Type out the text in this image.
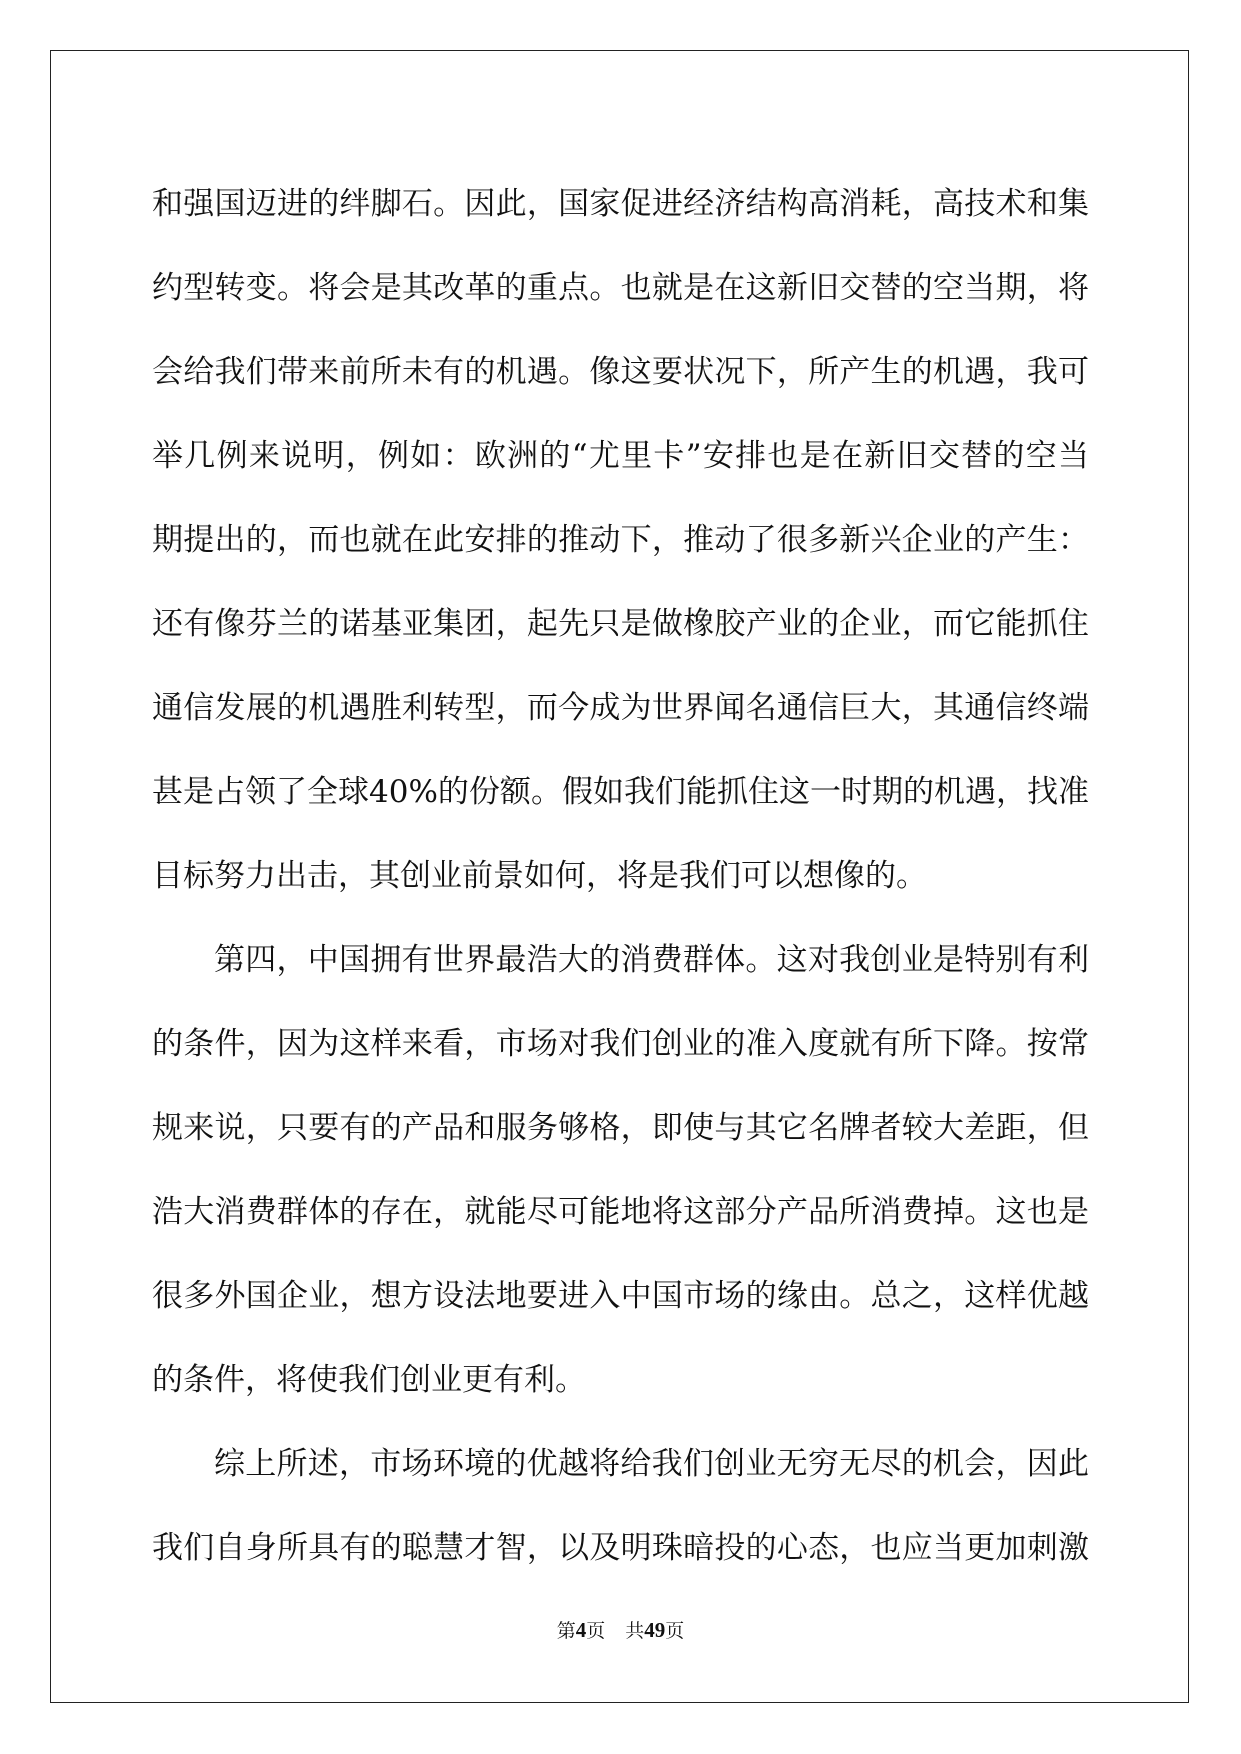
和强国迈进的绊脚石。因此，国家促进经济结构高消耗，高技术和集
约型转变。将会是其改革的重点。也就是在这新旧交替的空当期，将
会给我们带来前所未有的机遇。像这要状况下，所产生的机遇，我可
举几例来说明，例如：欧洲的“尤里卡”安排也是在新旧交替的空当
期提出的，而也就在此安排的推动下，推动了很多新兴企业的产生：
还有像芬兰的诺基亚集团，起先只是做橡胶产业的企业，而它能抓住
通信发展的机遇胜利转型，而今成为世界闻名通信巨大，其通信终端
甚是占领了全球40%的份额。假如我们能抓住这一时期的机遇，找准
目标努力出击，其创业前景如何，将是我们可以想像的。
第四，中国拥有世界最浩大的消费群体。这对我创业是特别有利
的条件，因为这样来看，市场对我们创业的准入度就有所下降。按常
规来说，只要有的产品和服务够格，即使与其它名牌者较大差距，但
浩大消费群体的存在，就能尽可能地将这部分产品所消费掉。这也是
很多外国企业，想方设法地要进入中国市场的缘由。总之，这样优越
的条件，将使我们创业更有利。
综上所述，市场环境的优越将给我们创业无穷无尽的机会，因此
我们自身所具有的聪慧才智，以及明珠暗投的心态，也应当更加刺激
第4页 共49页
